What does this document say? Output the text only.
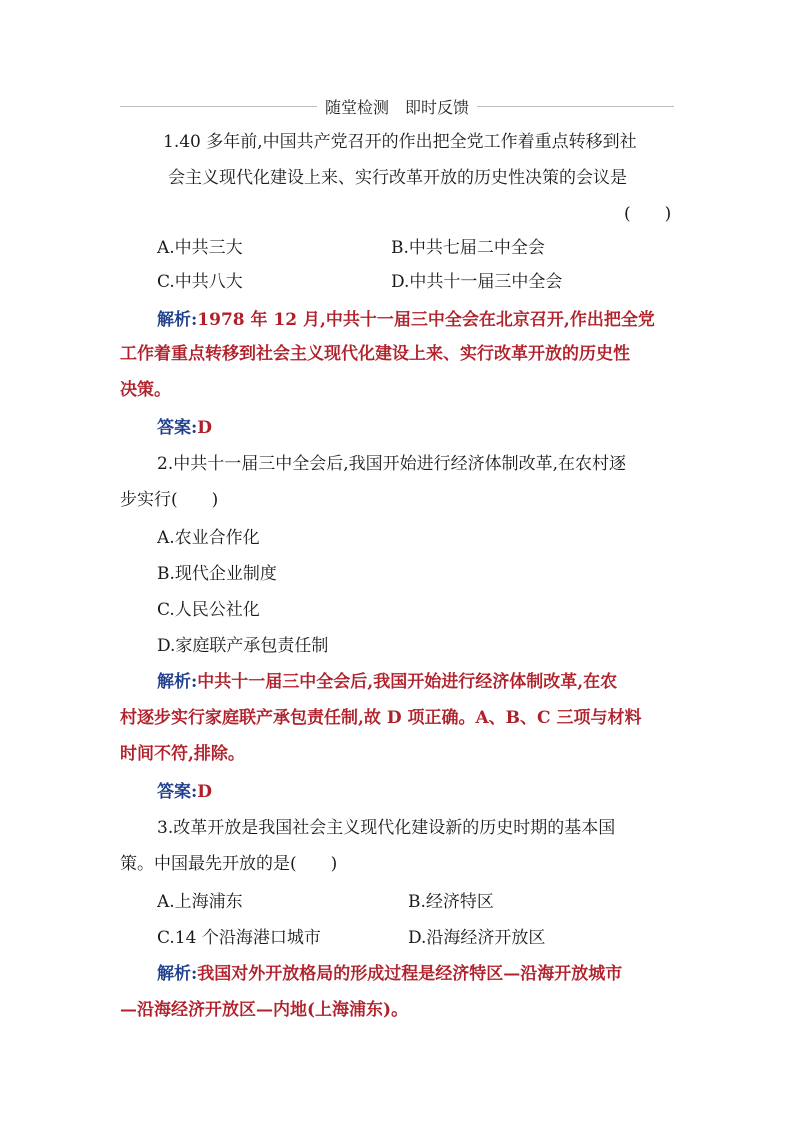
随堂检测　即时反馈
1.40 多年前,中国共产党召开的作出把全党工作着重点转移到社
会主义现代化建设上来、实行改革开放的历史性决策的会议是
(　　)
A.中共三大	B.中共七届二中全会
C.中共八大	D.中共十一届三中全会
解析:1978 年 12 月,中共十一届三中全会在北京召开,作出把全党
工作着重点转移到社会主义现代化建设上来、实行改革开放的历史性
决策。
答案:D
2.中共十一届三中全会后,我国开始进行经济体制改革,在农村逐
步实行(　　)
A.农业合作化
B.现代企业制度
C.人民公社化
D.家庭联产承包责任制
解析:中共十一届三中全会后,我国开始进行经济体制改革,在农
村逐步实行家庭联产承包责任制,故 D 项正确。A、B、C 三项与材料
时间不符,排除。
答案:D
3.改革开放是我国社会主义现代化建设新的历史时期的基本国
策。中国最先开放的是(　　)
A.上海浦东	B.经济特区
C.14 个沿海港口城市	D.沿海经济开放区
解析:我国对外开放格局的形成过程是经济特区—沿海开放城市
—沿海经济开放区—内地(上海浦东)。
